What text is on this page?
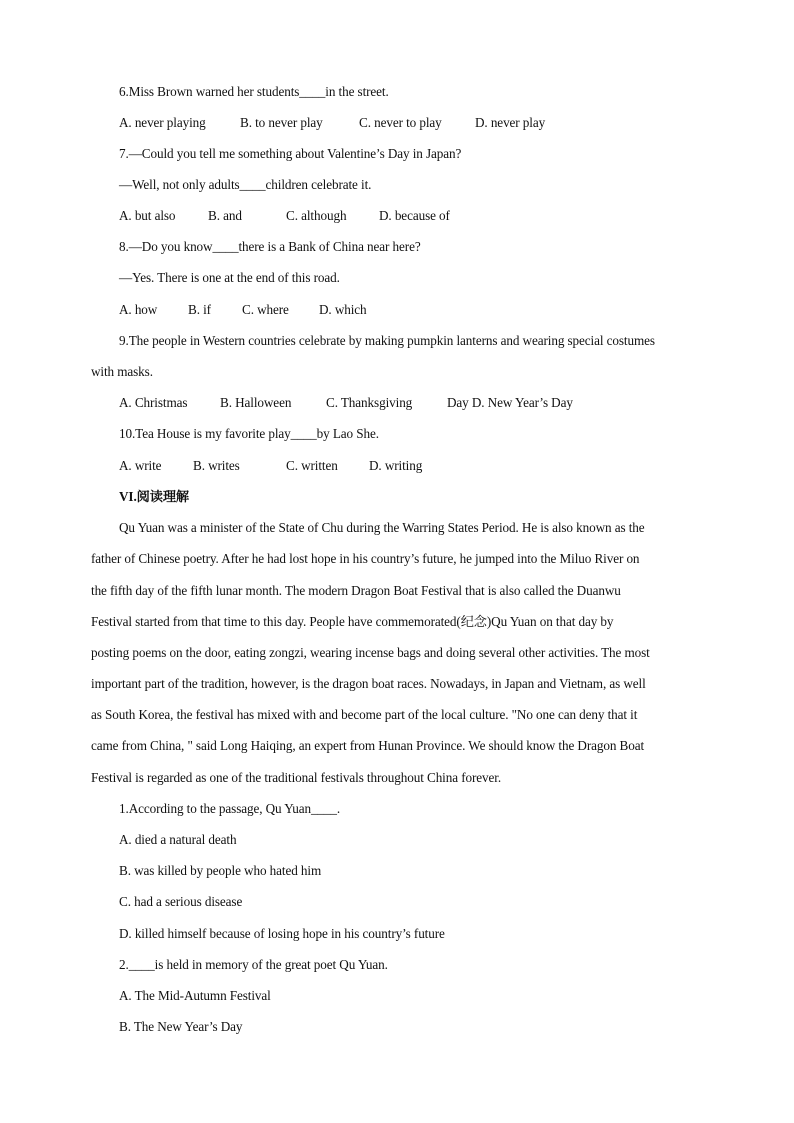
6.Miss Brown warned her students____in the street.
A. never playing	B. to never play	C. never to play	D. never play
7.—Could you tell me something about Valentine’s Day in Japan?
—Well, not only adults____children celebrate it.
A. but also B. and	C. although D. because of
8.—Do you know____there is a Bank of China near here?
—Yes. There is one at the end of this road.
A. how B. if C. where D. which
9.The people in Western countries celebrate by making pumpkin lanterns and wearing special costumes
with masks.
A. Christmas B. Halloween	C. Thanksgiving	Day D. New Year’s Day
10.Tea House is my favorite play____by Lao She.
A. write B. writes	C. written D. writing
VI.阅读理解
Qu Yuan was a minister of the State of Chu during the Warring States Period. He is also known as the
father of Chinese poetry. After he had lost hope in his country’s future, he jumped into the Miluo River on
the fifth day of the fifth lunar month. The modern Dragon Boat Festival that is also called the Duanwu
Festival started from that time to this day. People have commemorated(纪念)Qu Yuan on that day by
posting poems on the door, eating zongzi, wearing incense bags and doing several other activities. The most
important part of the tradition, however, is the dragon boat races. Nowadays, in Japan and Vietnam, as well
as South Korea, the festival has mixed with and become part of the local culture. "No one can deny that it
came from China, " said Long Haiqing, an expert from Hunan Province. We should know the Dragon Boat
Festival is regarded as one of the traditional festivals throughout China forever.
1.According to the passage, Qu Yuan____.
A. died a natural death
B. was killed by people who hated him
C. had a serious disease
D. killed himself because of losing hope in his country’s future
2.____is held in memory of the great poet Qu Yuan.
A. The Mid-Autumn Festival
B. The New Year’s Day
